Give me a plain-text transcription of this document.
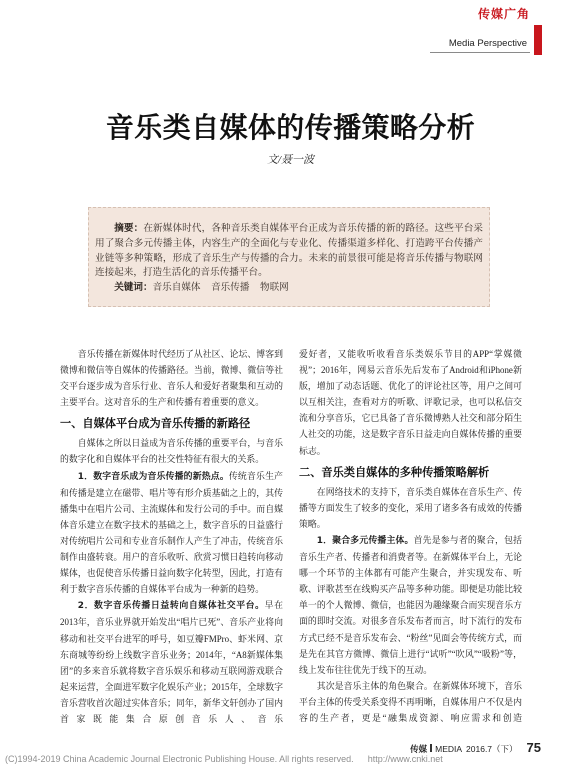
传媒广角
Media Perspective
音乐类自媒体的传播策略分析
文/聂一波

摘要：在新媒体时代，各种音乐类自媒体平台正成为音乐传播的新的路径。这些平台采用了聚合多元传播主体，内容生产的全面化与专业化、传播渠道多样化、打造跨平台传播产业链等多种策略，形成了音乐生产与传播的合力。未来的前景很可能是将音乐传播与物联网连接起来，打造生活化的音乐传播平台。

关键词：音乐自媒体 音乐传播 物联网

音乐传播在新媒体时代经历了从社区、论坛、博客到微博和微信等自媒体的传播路径。当前，微博、微信等社交平台逐步成为音乐行业、音乐人和爱好者聚集和互动的主要平台。这对音乐的生产和传播有着重要的意义。

一、自媒体平台成为音乐传播的新路径

自媒体之所以日益成为音乐传播的重要平台，与音乐的数字化和自媒体平台的社交性特征有很大的关系。

1．数字音乐成为音乐传播的新热点。传统音乐生产和传播是建立在磁带、唱片等有形介质基础之上的，其传播集中在唱片公司、主流媒体和发行公司的手中。而自媒体音乐建立在数字技术的基础之上，数字音乐的日益盛行对传统唱片公司和专业音乐制作人产生了冲击，传统音乐制作由盛转衰。用户的音乐收听、欣赏习惯日趋转向移动媒体，也促使音乐传播日益向数字化转型，因此，打造有利于数字音乐传播的自媒体平台成为一种新的趋势。

2．数字音乐传播日益转向自媒体社交平台。早在2013年，音乐业界就开始发出“唱片已死”、音乐产业将向移动和社交平台进军的呼号，如豆瓣FMPro、虾米网、京东商城等纷纷上线数字音乐业务；2014年，“A8新媒体集团”的多来音乐就将数字音乐娱乐和移动互联网游戏联合起来运营，全面进军数字化娱乐产业；2015年，全球数字音乐营收首次超过实体音乐；同年，新华文轩创办了国内首家既能集合原创音乐人、音乐

爱好者，又能收听收看音乐类娱乐节目的APP“掌媒微视”；2016年，网易云音乐先后发布了Android和iPhone新版，增加了动态话题、优化了的评论社区等，用户之间可以互相关注，查看对方的听歌、评歌记录，也可以私信交流和分享音乐，它已具备了音乐微博熟人社交和部分陌生人社交的功能，这是数字音乐日益走向自媒体传播的重要标志。

二、音乐类自媒体的多种传播策略解析

在网络技术的支持下，音乐类自媒体在音乐生产、传播等方面发生了较多的变化，采用了诸多各有成效的传播策略。

1．聚合多元传播主体。首先是参与者的聚合，包括音乐生产者、传播者和消费者等。在新媒体平台上，无论哪一个环节的主体都有可能产生聚合，并实现发布、听歌、评歌甚至在线购买产品等多种功能。即便是功能比较单一的个人微博、微信，也能因为趣缘聚合而实现音乐方面的即时交流。对很多音乐发布者而言，时下流行的发布方式已经不是音乐发布会、“粉丝”见面会等传统方式，而是先在其官方微博、微信上进行“试听”“吹风”“吸粉”等，线上发布往往优先于线下的互动。

其次是音乐主体的角色聚合。在新媒体环境下，音乐平台主体的传受关系变得不再明晰，自媒体用户不仅是内容的生产者，更是“融集成资源、响应需求和创造

传媒 MEDIA 2016.7（下） 75
(C)1994-2019 China Academic Journal Electronic Publishing House. All rights reserved. http://www.cnki.net
